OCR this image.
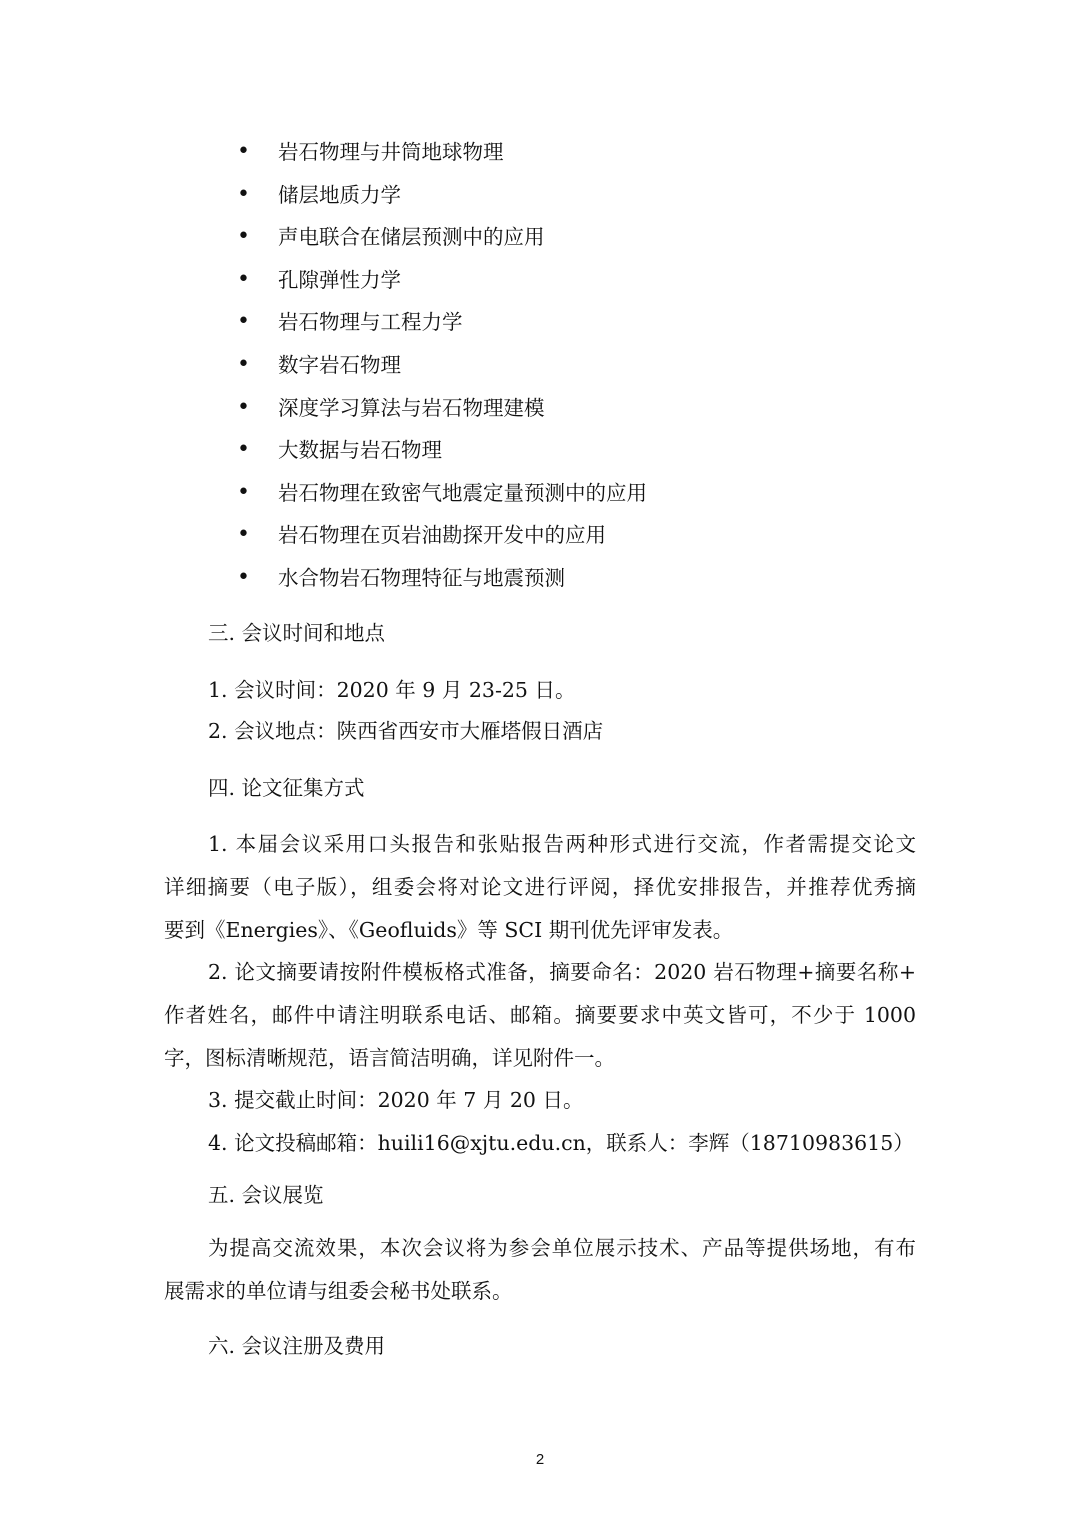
• 岩石物理与井筒地球物理
• 储层地质力学
• 声电联合在储层预测中的应用
• 孔隙弹性力学
• 岩石物理与工程力学
• 数字岩石物理
• 深度学习算法与岩石物理建模
• 大数据与岩石物理
• 岩石物理在致密气地震定量预测中的应用
• 岩石物理在页岩油勘探开发中的应用
• 水合物岩石物理特征与地震预测
三. 会议时间和地点
1. 会议时间：2020 年 9 月 23-25 日。
2. 会议地点：陕西省西安市大雁塔假日酒店
四. 论文征集方式
1. 本届会议采用口头报告和张贴报告两种形式进行交流，作者需提交论文
详细摘要（电子版），组委会将对论文进行评阅，择优安排报告，并推荐优秀摘
要到《Energies》、《Geofluids》等 SCI 期刊优先评审发表。
2. 论文摘要请按附件模板格式准备，摘要命名：2020 岩石物理+摘要名称+
作者姓名，邮件中请注明联系电话、邮箱。摘要要求中英文皆可，不少于 1000
字，图标清晰规范，语言简洁明确，详见附件一。
3. 提交截止时间：2020 年 7 月 20 日。
4. 论文投稿邮箱：huili16@xjtu.edu.cn，联系人：李辉（18710983615）
五. 会议展览
为提高交流效果，本次会议将为参会单位展示技术、产品等提供场地，有布
展需求的单位请与组委会秘书处联系。
六. 会议注册及费用
2
